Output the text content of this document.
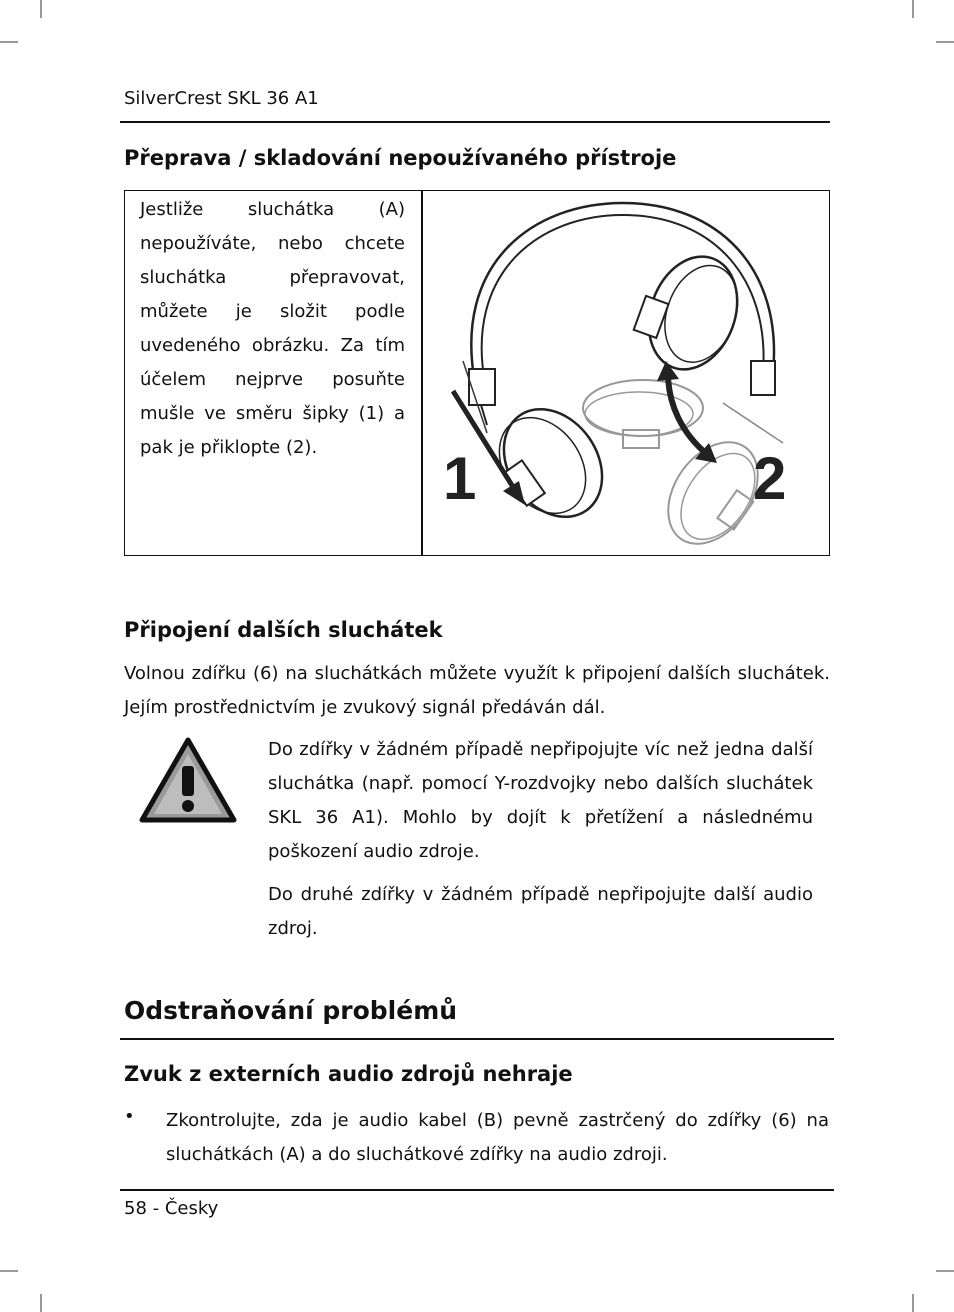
SilverCrest SKL 36 A1
Přeprava / skladování nepoužívaného přístroje

Jestliže sluchátka (A) nepoužíváte, nebo chcete sluchátka přepravovat, můžete je složit podle uvedeného obrázku. Za tím účelem nejprve posuňte mušle ve směru šipky (1) a pak je přiklopte (2).	1	2
Připojení dalších sluchátek

Volnou zdířku (6) na sluchátkách můžete využít k připojení dalších sluchátek. Jejím prostřednictvím je zvukový signál předáván dál.

Do zdířky v žádném případě nepřipojujte víc než jedna další sluchátka (např. pomocí Y-rozdvojky nebo dalších sluchátek SKL 36 A1). Mohlo by dojít k přetížení a následnému poškození audio zdroje.

Do druhé zdířky v žádném případě nepřipojujte další audio zdroj.

Odstraňování problémů
Zvuk z externích audio zdrojů nehraje
• Zkontrolujte, zda je audio kabel (B) pevně zastrčený do zdířky (6) na sluchátkách (A) a do sluchátkové zdířky na audio zdroji.

58 - Česky
